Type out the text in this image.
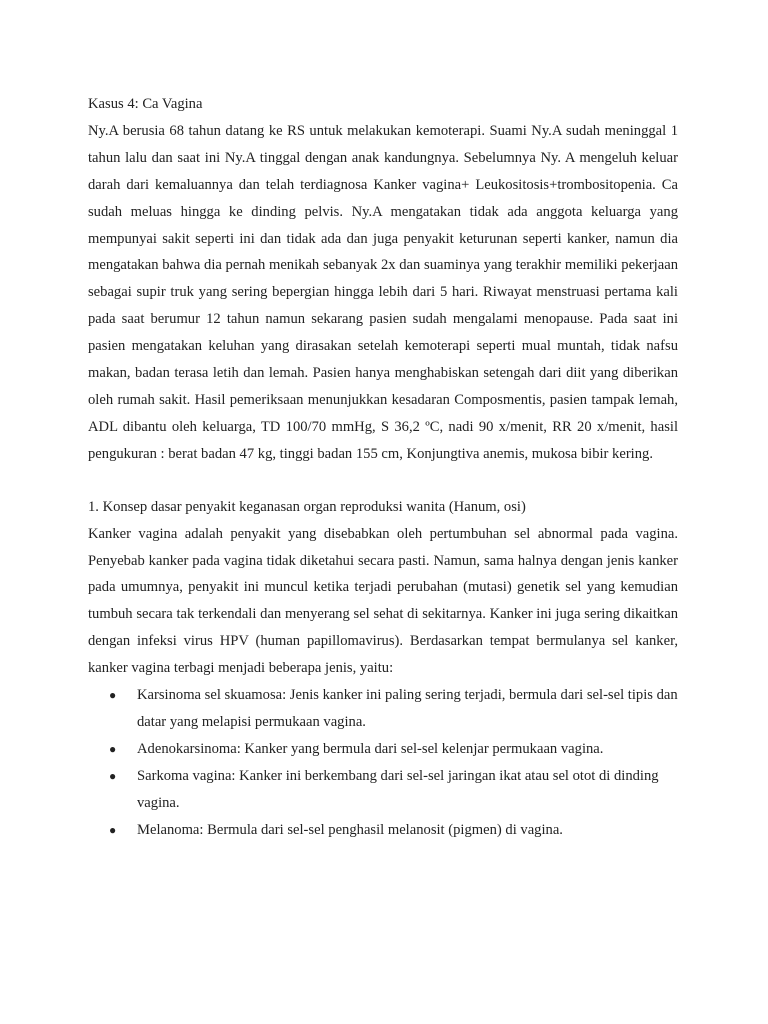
Kasus 4: Ca Vagina

Ny.A berusia 68 tahun datang ke RS untuk melakukan kemoterapi. Suami Ny.A sudah meninggal 1 tahun lalu dan saat ini Ny.A tinggal dengan anak kandungnya. Sebelumnya Ny. A mengeluh keluar darah dari kemaluannya dan telah terdiagnosa Kanker vagina+ Leukositosis+trombositopenia. Ca sudah meluas hingga ke dinding pelvis. Ny.A mengatakan tidak ada anggota keluarga yang mempunyai sakit seperti ini dan tidak ada dan juga penyakit keturunan seperti kanker, namun dia mengatakan bahwa dia pernah menikah sebanyak 2x dan suaminya yang terakhir memiliki pekerjaan sebagai supir truk yang sering bepergian hingga lebih dari 5 hari. Riwayat menstruasi pertama kali pada saat berumur 12 tahun namun sekarang pasien sudah mengalami menopause. Pada saat ini pasien mengatakan keluhan yang dirasakan setelah kemoterapi seperti mual muntah, tidak nafsu makan, badan terasa letih dan lemah. Pasien hanya menghabiskan setengah dari diit yang diberikan oleh rumah sakit. Hasil pemeriksaan menunjukkan kesadaran Composmentis, pasien tampak lemah, ADL dibantu oleh keluarga, TD 100/70 mmHg, S 36,2 ºC, nadi 90 x/menit, RR 20 x/menit, hasil pengukuran : berat badan 47 kg, tinggi badan 155 cm, Konjungtiva anemis, mukosa bibir kering.

1. Konsep dasar penyakit keganasan organ reproduksi wanita (Hanum, osi)

Kanker vagina adalah penyakit yang disebabkan oleh pertumbuhan sel abnormal pada vagina. Penyebab kanker pada vagina tidak diketahui secara pasti. Namun, sama halnya dengan jenis kanker pada umumnya, penyakit ini muncul ketika terjadi perubahan (mutasi) genetik sel yang kemudian tumbuh secara tak terkendali dan menyerang sel sehat di sekitarnya. Kanker ini juga sering dikaitkan dengan infeksi virus HPV (human papillomavirus). Berdasarkan tempat bermulanya sel kanker, kanker vagina terbagi menjadi beberapa jenis, yaitu:

● Karsinoma sel skuamosa: Jenis kanker ini paling sering terjadi, bermula dari sel-sel tipis dan datar yang melapisi permukaan vagina.
● Adenokarsinoma: Kanker yang bermula dari sel-sel kelenjar permukaan vagina.
● Sarkoma vagina: Kanker ini berkembang dari sel-sel jaringan ikat atau sel otot di dinding vagina.
● Melanoma: Bermula dari sel-sel penghasil melanosit (pigmen) di vagina.
